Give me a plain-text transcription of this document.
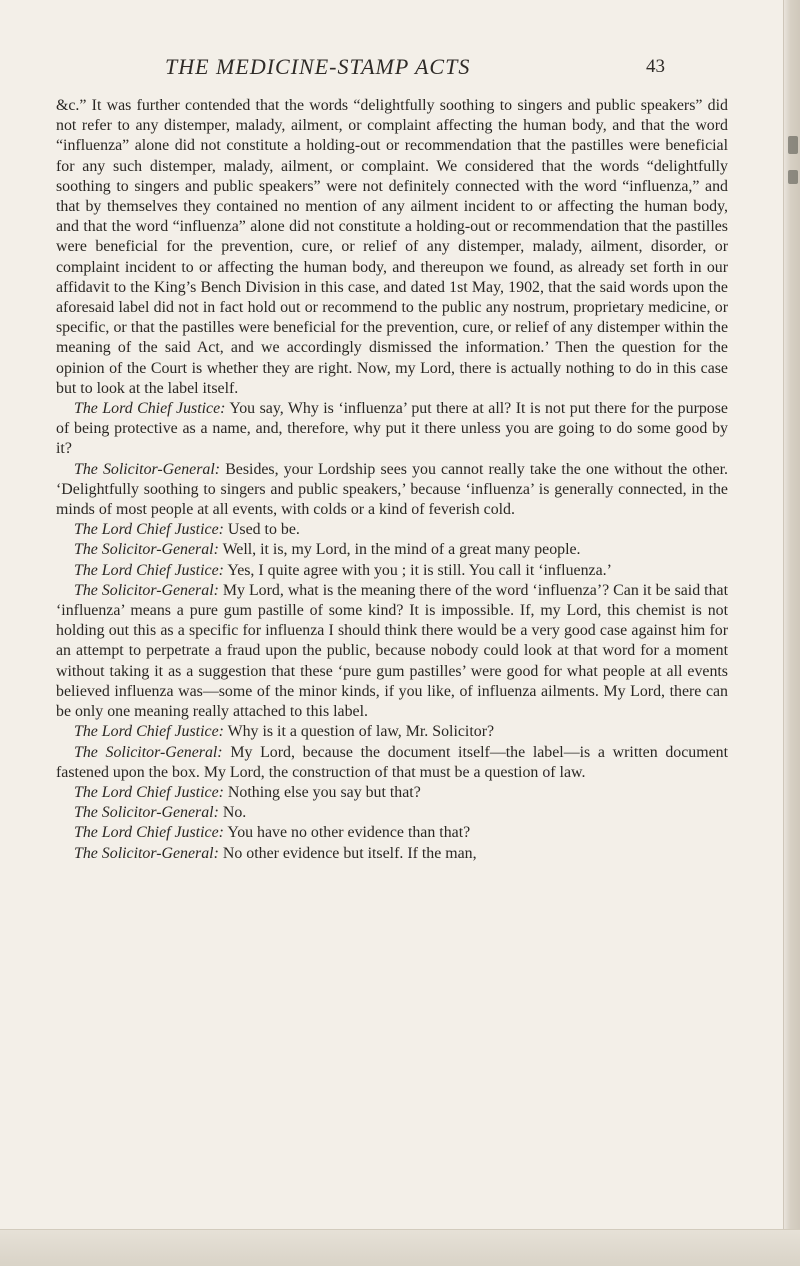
THE MEDICINE-STAMP ACTS	43

&c.” It was further contended that the words “delightfully soothing to singers and public speakers” did not refer to any distemper, malady, ailment, or complaint affecting the human body, and that the word “influenza” alone did not constitute a holding-out or recommendation that the pastilles were beneficial for any such distemper, malady, ailment, or complaint. We considered that the words “delightfully soothing to singers and public speakers” were not definitely connected with the word “influenza,” and that by themselves they contained no mention of any ailment incident to or affecting the human body, and that the word “influenza” alone did not constitute a holding-out or recommendation that the pastilles were beneficial for the prevention, cure, or relief of any distemper, malady, ailment, disorder, or complaint incident to or affecting the human body, and thereupon we found, as already set forth in our affidavit to the King’s Bench Division in this case, and dated 1st May, 1902, that the said words upon the aforesaid label did not in fact hold out or recommend to the public any nostrum, proprietary medicine, or specific, or that the pastilles were beneficial for the prevention, cure, or relief of any distemper within the meaning of the said Act, and we accordingly dismissed the information.’ Then the question for the opinion of the Court is whether they are right. Now, my Lord, there is actually nothing to do in this case but to look at the label itself.

The Lord Chief Justice: You say, Why is ‘influenza’ put there at all? It is not put there for the purpose of being protective as a name, and, therefore, why put it there unless you are going to do some good by it?

The Solicitor-General: Besides, your Lordship sees you cannot really take the one without the other. ‘Delightfully soothing to singers and public speakers,’ because ‘influenza’ is generally connected, in the minds of most people at all events, with colds or a kind of feverish cold.

The Lord Chief Justice: Used to be.

The Solicitor-General: Well, it is, my Lord, in the mind of a great many people.

The Lord Chief Justice: Yes, I quite agree with you ; it is still. You call it ‘influenza.’

The Solicitor-General: My Lord, what is the meaning there of the word ‘influenza’? Can it be said that ‘influenza’ means a pure gum pastille of some kind? It is impossible. If, my Lord, this chemist is not holding out this as a specific for influenza I should think there would be a very good case against him for an attempt to perpetrate a fraud upon the public, because nobody could look at that word for a moment without taking it as a suggestion that these ‘pure gum pastilles’ were good for what people at all events believed influenza was—some of the minor kinds, if you like, of influenza ailments. My Lord, there can be only one meaning really attached to this label.

The Lord Chief Justice: Why is it a question of law, Mr. Solicitor?

The Solicitor-General: My Lord, because the document itself—the label—is a written document fastened upon the box. My Lord, the construction of that must be a question of law.

The Lord Chief Justice: Nothing else you say but that?

The Solicitor-General: No.

The Lord Chief Justice: You have no other evidence than that?

The Solicitor-General: No other evidence but itself. If the man,
